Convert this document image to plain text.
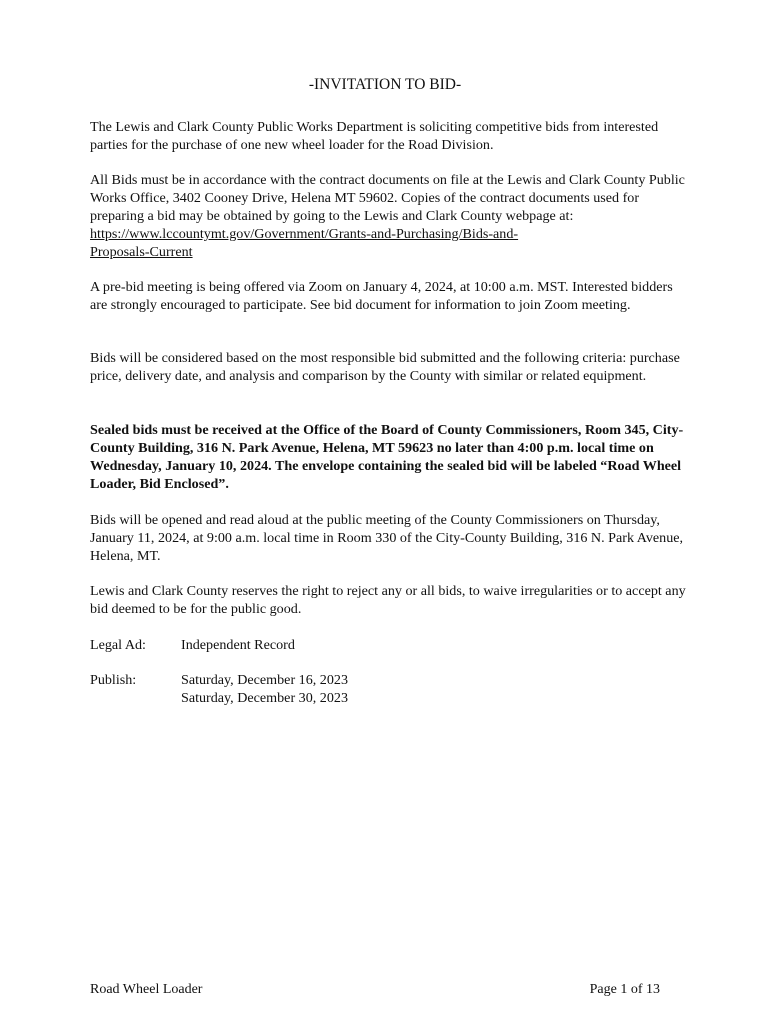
-INVITATION TO BID-

The Lewis and Clark County Public Works Department is soliciting competitive bids from interested parties for the purchase of one new wheel loader for the Road Division.

All Bids must be in accordance with the contract documents on file at the Lewis and Clark County Public Works Office, 3402 Cooney Drive, Helena MT 59602. Copies of the contract documents used for preparing a bid may be obtained by going to the Lewis and Clark County webpage at: https://www.lccountymt.gov/Government/Grants-and-Purchasing/Bids-and-
Proposals-Current

A pre-bid meeting is being offered via Zoom on January 4, 2024, at 10:00 a.m. MST. Interested bidders are strongly encouraged to participate. See bid document for information to join Zoom meeting.

Bids will be considered based on the most responsible bid submitted and the following criteria: purchase price, delivery date, and analysis and comparison by the County with similar or related equipment.

Sealed bids must be received at the Office of the Board of County Commissioners, Room 345, City-County Building, 316 N. Park Avenue, Helena, MT 59623 no later than 4:00 p.m. local time on Wednesday, January 10, 2024. The envelope containing the sealed bid will be labeled “Road Wheel Loader, Bid Enclosed”.

Bids will be opened and read aloud at the public meeting of the County Commissioners on Thursday, January 11, 2024, at 9:00 a.m. local time in Room 330 of the City-County Building, 316 N. Park Avenue, Helena, MT.

Lewis and Clark County reserves the right to reject any or all bids, to waive irregularities or to accept any bid deemed to be for the public good.

Legal Ad: Independent Record
Publish:	Saturday, December 16, 2023
Saturday, December 30, 2023
Road Wheel Loader	Page 1 of 13
